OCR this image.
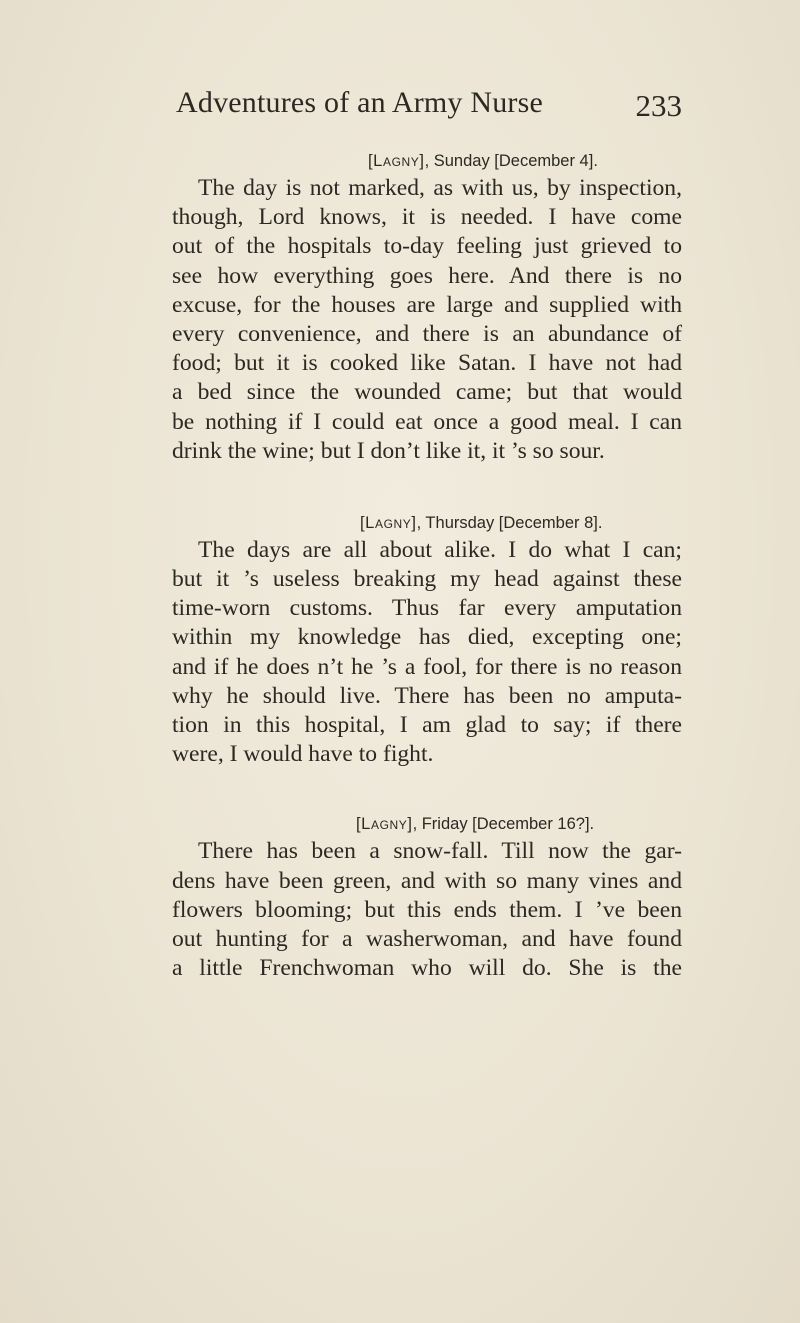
Adventures of an Army Nurse	233

[Lagny], Sunday [December 4].

The day is not marked, as with us, by inspection,
though, Lord knows, it is needed. I have come
out of the hospitals to-day feeling just grieved to
see how everything goes here. And there is no
excuse, for the houses are large and supplied with
every convenience, and there is an abundance of
food; but it is cooked like Satan. I have not had
a bed since the wounded came; but that would
be nothing if I could eat once a good meal. I can
drink the wine; but I don’t like it, it ’s so sour.

[Lagny], Thursday [December 8].

The days are all about alike. I do what I can;
but it ’s useless breaking my head against these
time-worn customs. Thus far every amputation
within my knowledge has died, excepting one;
and if he does n’t he ’s a fool, for there is no reason
why he should live. There has been no amputa-
tion in this hospital, I am glad to say; if there
were, I would have to fight.

[Lagny], Friday [December 16?].

There has been a snow-fall. Till now the gar-
dens have been green, and with so many vines and
flowers blooming; but this ends them. I ’ve been
out hunting for a washerwoman, and have found
a little Frenchwoman who will do. She is the
